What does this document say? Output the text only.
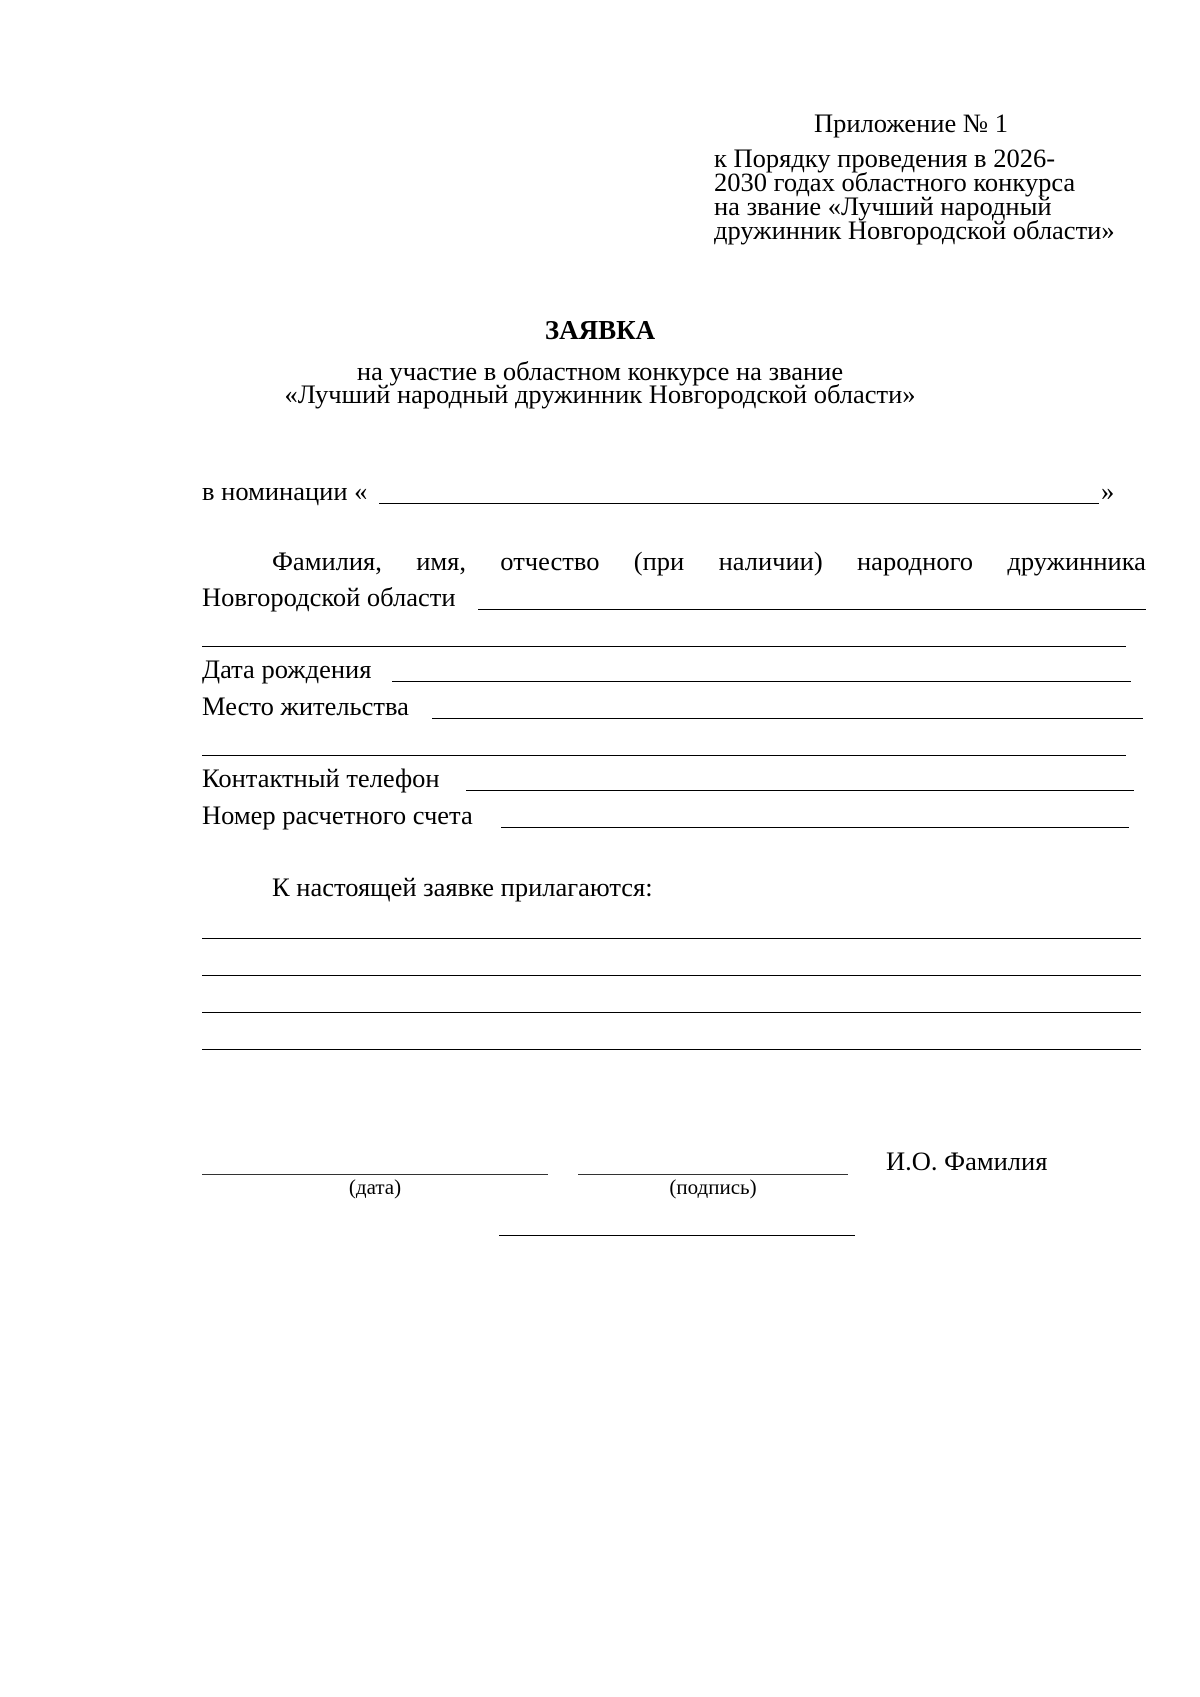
Приложение № 1
к Порядку проведения в 2026-
2030 годах областного конкурса
на звание «Лучший народный
дружинник Новгородской области»
ЗАЯВКА
на участие в областном конкурсе на звание
«Лучший народный дружинник Новгородской области»
в номинации «	»
Фамилия, имя, отчество (при наличии) народного дружинника
Новгородской области
Дата рождения
Место жительства
Контактный телефон
Номер расчетного счета
К настоящей заявке прилагаются:
(дата)	(подпись)
И.О. Фамилия
